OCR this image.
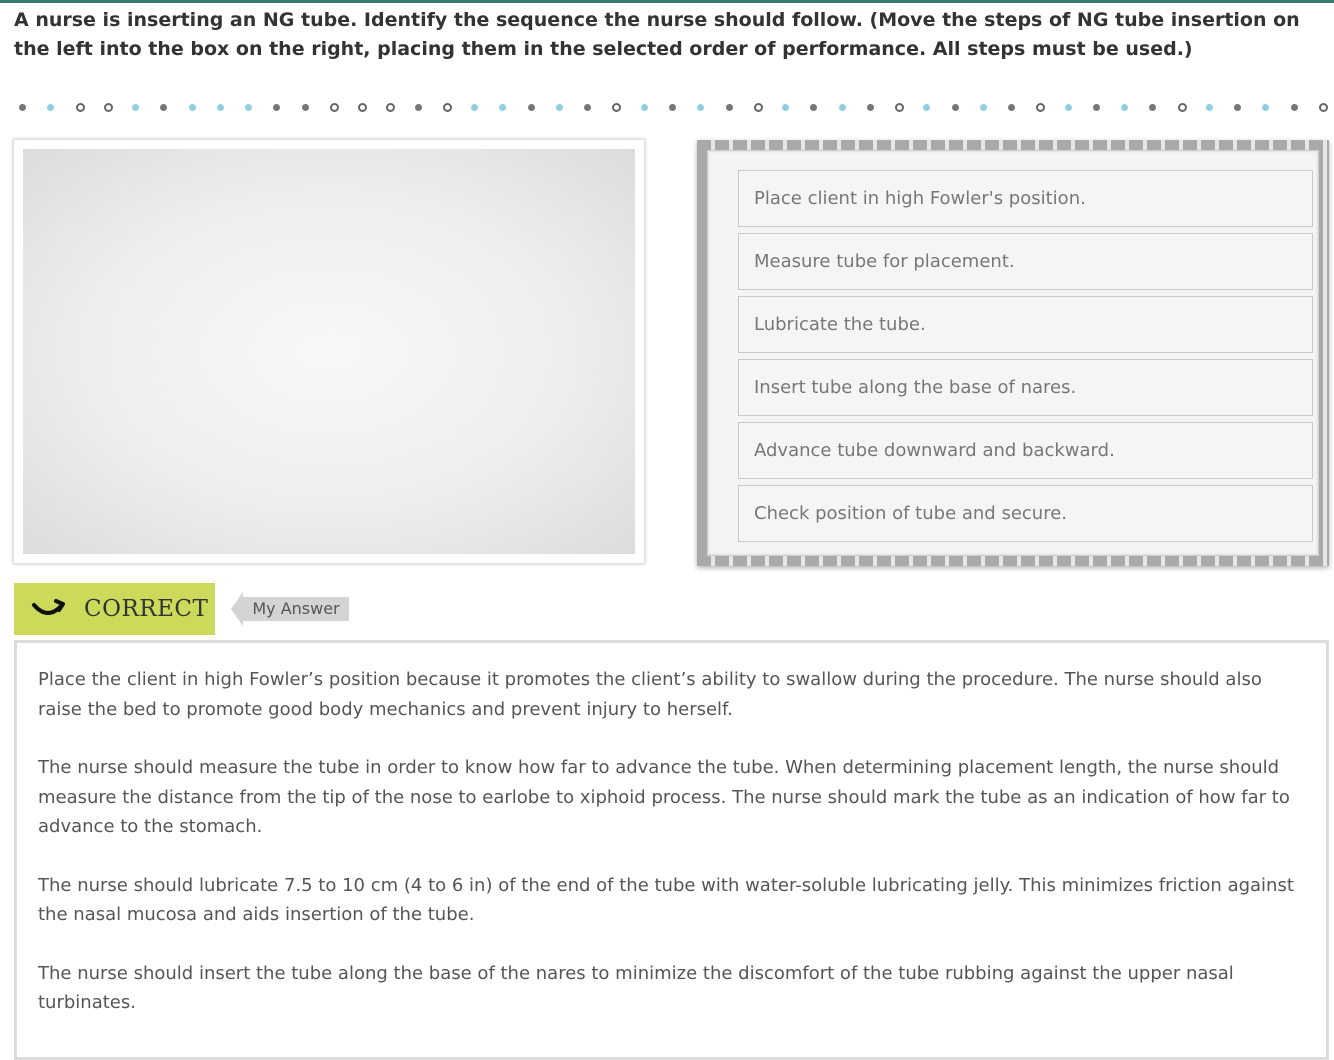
A nurse is inserting an NG tube. Identify the sequence the nurse should follow. (Move the steps of NG tube insertion on the left into the box on the right, placing them in the selected order of performance. All steps must be used.)
Place client in high Fowler's position.
Measure tube for placement.
Lubricate the tube.
Insert tube along the base of nares.
Advance tube downward and backward.
Check position of tube and secure.
CORRECT	My Answer

Place the client in high Fowler’s position because it promotes the client’s ability to swallow during the procedure. The nurse should also raise the bed to promote good body mechanics and prevent injury to herself.

The nurse should measure the tube in order to know how far to advance the tube. When determining placement length, the nurse should measure the distance from the tip of the nose to earlobe to xiphoid process. The nurse should mark the tube as an indication of how far to advance to the stomach.

The nurse should lubricate 7.5 to 10 cm (4 to 6 in) of the end of the tube with water-soluble lubricating jelly. This minimizes friction against the nasal mucosa and aids insertion of the tube.

The nurse should insert the tube along the base of the nares to minimize the discomfort of the tube rubbing against the upper nasal turbinates.
